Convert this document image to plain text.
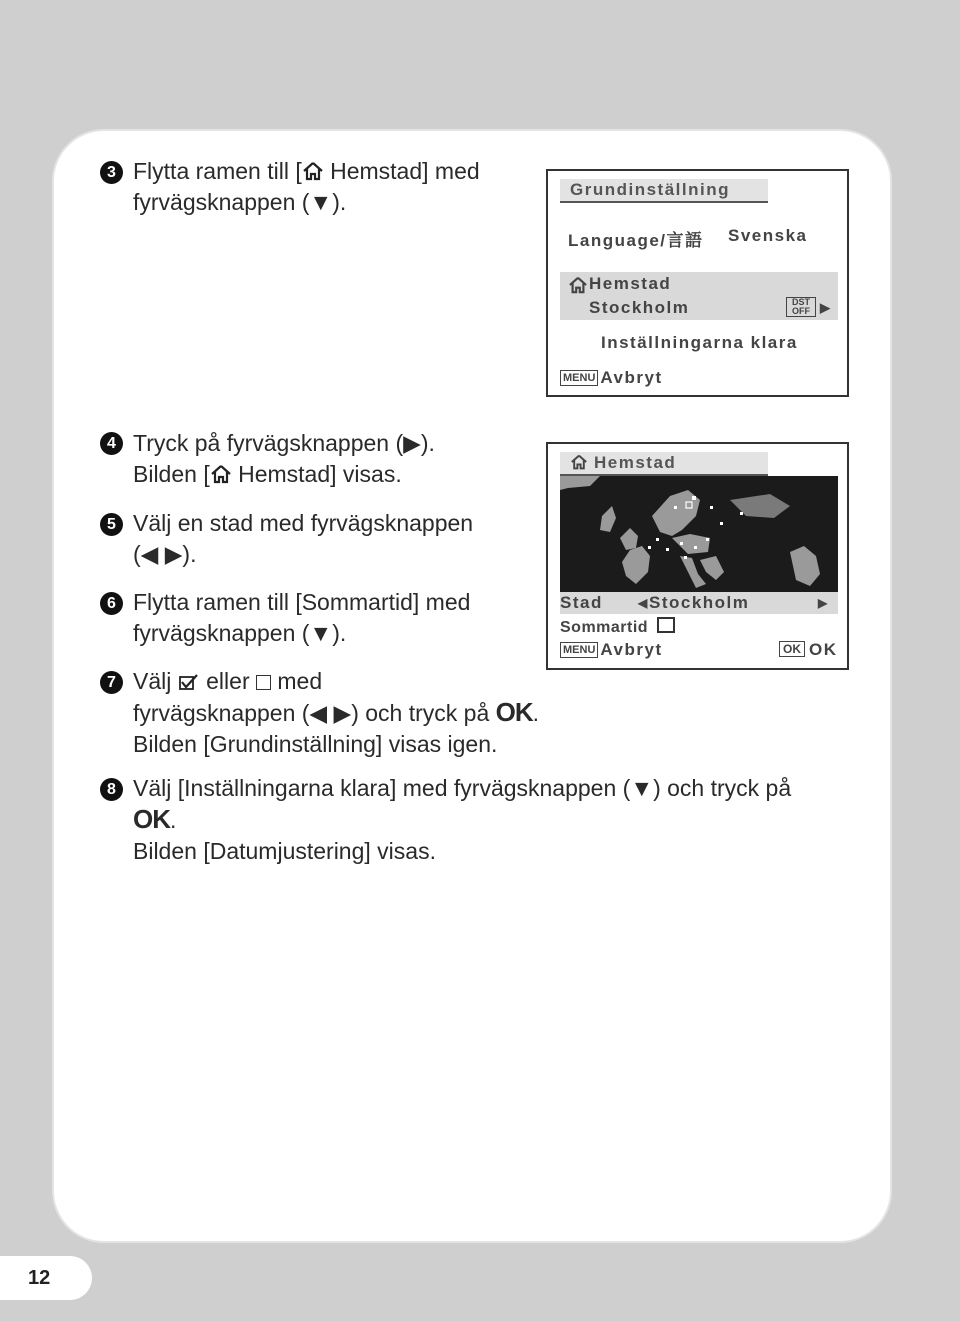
3 Flytta ramen till [ Hemstad] med
fyrvägsknappen (▼).	Grundinställning
Language/言語 Svenska
Hemstad
Stockholm	DST
OFF ▶
Inställningarna klara
MENU Avbryt
4 Tryck på fyrvägsknappen (▶).
Bilden [ Hemstad] visas.
5 Välj en stad med fyrvägsknappen
(◀ ▶).
6 Flytta ramen till [Sommartid] med
fyrvägsknappen (▼).
Hemstad
Stad	◀ Stockholm	▶
Sommartid
MENU Avbryt	OK OK
7 Välj  eller  med
fyrvägsknappen (◀ ▶) och tryck på OK.
Bilden [Grundinställning] visas igen.
8 Välj [Inställningarna klara] med fyrvägsknappen (▼) och tryck på
OK.
Bilden [Datumjustering] visas.
12
